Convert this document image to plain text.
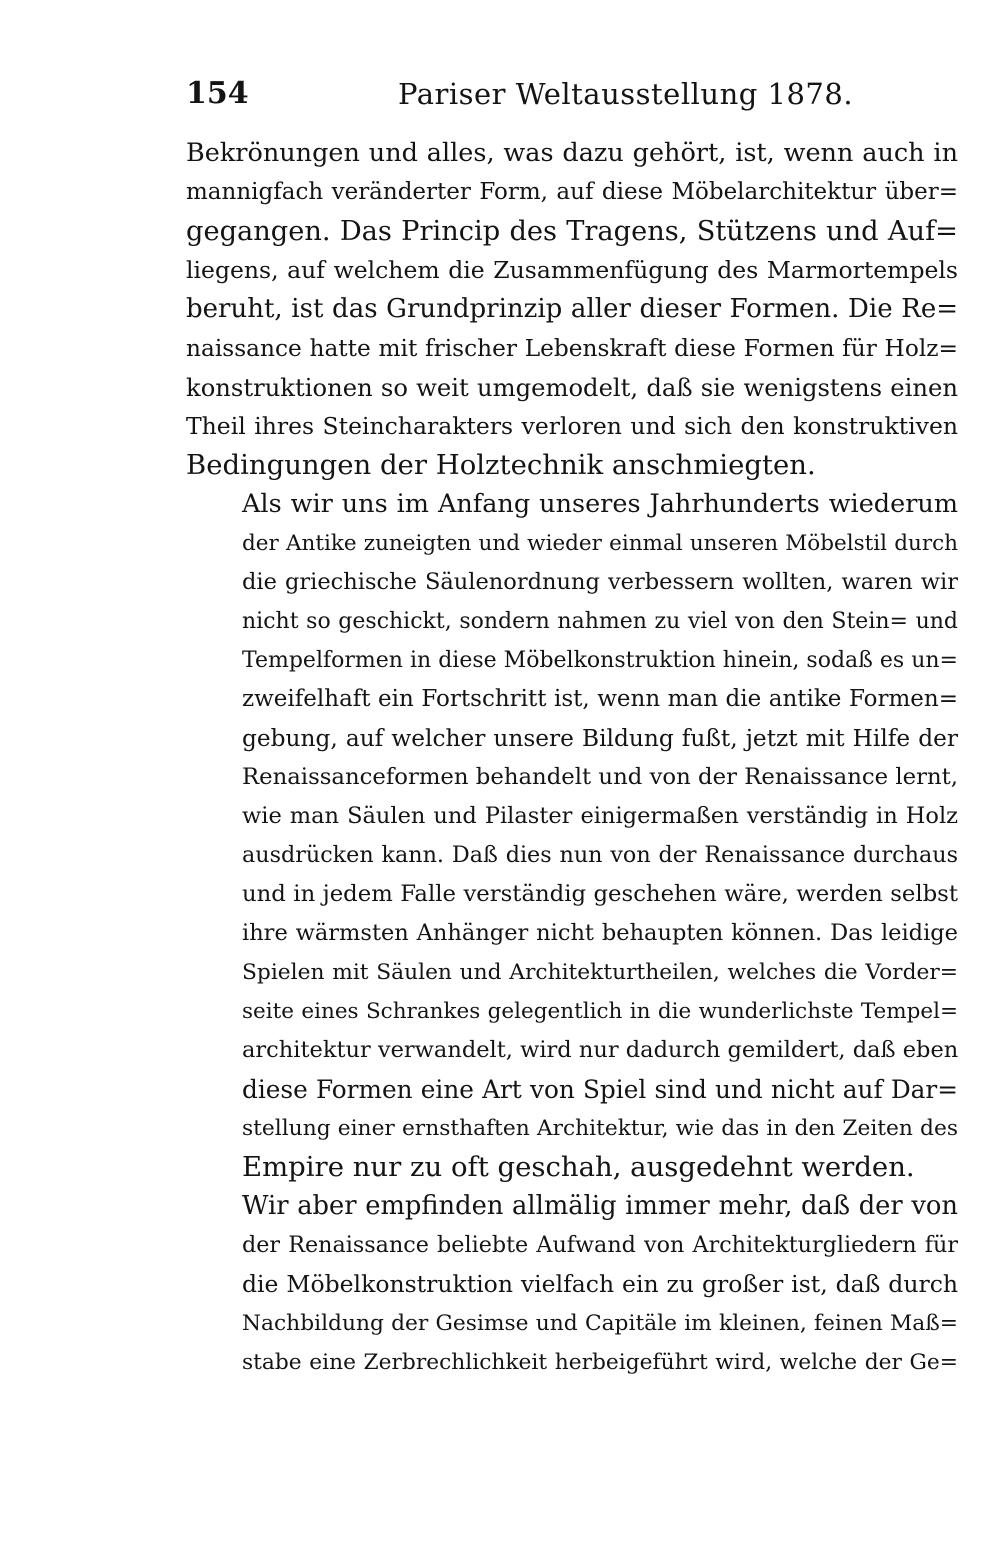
154	Pariser Weltausstellung 1878.

Bekrönungen und alles, was dazu gehört, ist, wenn auch in
mannigfach veränderter Form, auf diese Möbelarchitektur über=
gegangen. Das Princip des Tragens, Stützens und Auf=
liegens, auf welchem die Zusammenfügung des Marmortempels
beruht, ist das Grundprinzip aller dieser Formen. Die Re=
naissance hatte mit frischer Lebenskraft diese Formen für Holz=
konstruktionen so weit umgemodelt, daß sie wenigstens einen
Theil ihres Steincharakters verloren und sich den konstruktiven
Bedingungen der Holztechnik anschmiegten.

Als wir uns im Anfang unseres Jahrhunderts wiederum
der Antike zuneigten und wieder einmal unseren Möbelstil durch
die griechische Säulenordnung verbessern wollten, waren wir
nicht so geschickt, sondern nahmen zu viel von den Stein= und
Tempelformen in diese Möbelkonstruktion hinein, sodaß es un=
zweifelhaft ein Fortschritt ist, wenn man die antike Formen=
gebung, auf welcher unsere Bildung fußt, jetzt mit Hilfe der
Renaissanceformen behandelt und von der Renaissance lernt,
wie man Säulen und Pilaster einigermaßen verständig in Holz
ausdrücken kann. Daß dies nun von der Renaissance durchaus
und in jedem Falle verständig geschehen wäre, werden selbst
ihre wärmsten Anhänger nicht behaupten können. Das leidige
Spielen mit Säulen und Architekturtheilen, welches die Vorder=
seite eines Schrankes gelegentlich in die wunderlichste Tempel=
architektur verwandelt, wird nur dadurch gemildert, daß eben
diese Formen eine Art von Spiel sind und nicht auf Dar=
stellung einer ernsthaften Architektur, wie das in den Zeiten des
Empire nur zu oft geschah, ausgedehnt werden.

Wir aber empfinden allmälig immer mehr, daß der von
der Renaissance beliebte Aufwand von Architekturgliedern für
die Möbelkonstruktion vielfach ein zu großer ist, daß durch
Nachbildung der Gesimse und Capitäle im kleinen, feinen Maß=
stabe eine Zerbrechlichkeit herbeigeführt wird, welche der Ge=
